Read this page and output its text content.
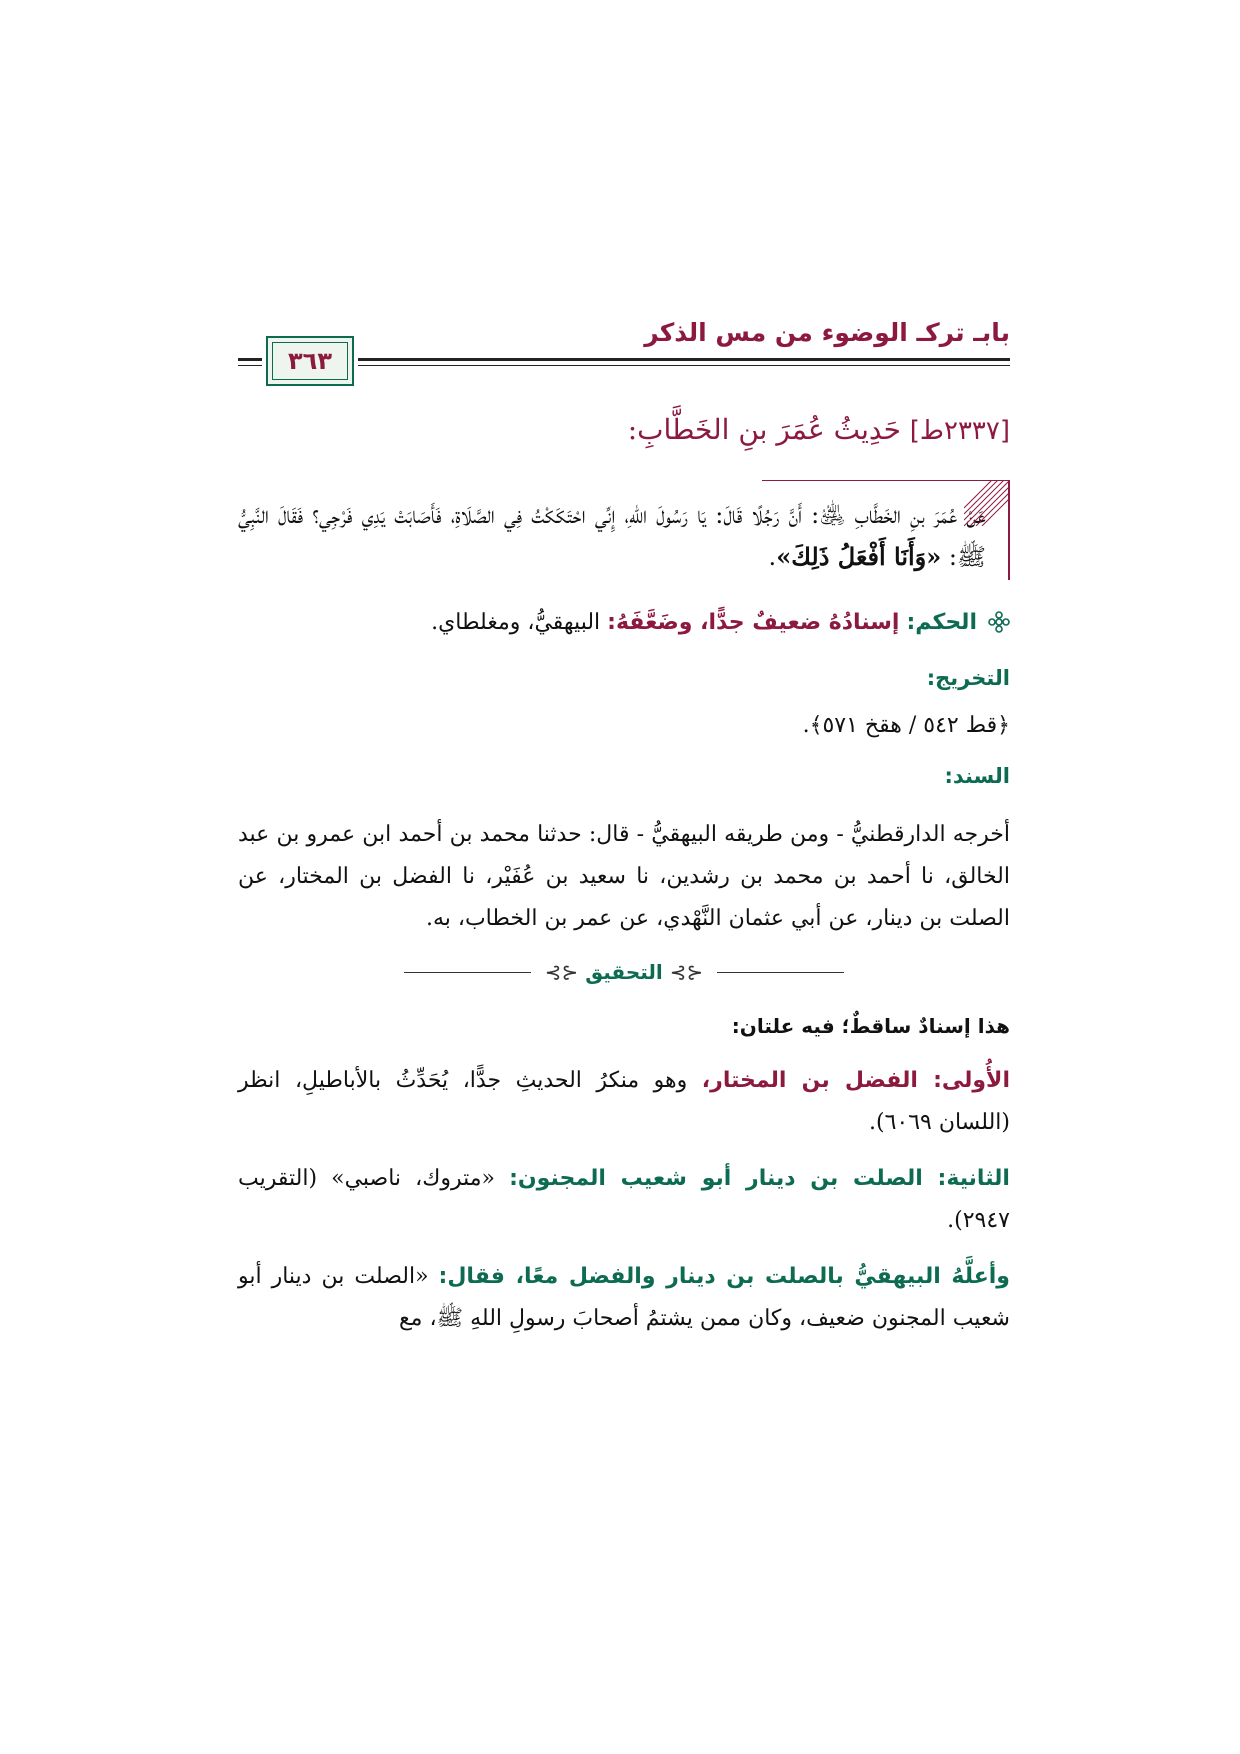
بابـ تركـ الوضوء من مس الذكر
٣٦٣
[٢٣٣٧ط] حَدِيثُ عُمَرَ بنِ الخَطَّابِ:

عَنْ عُمَرَ بنِ الخَطَّابِ ﵁: أَنَّ رَجُلًا قَالَ: يَا رَسُولَ اللهِ، إِنِّي احْتَكَكْتُ فِي الصَّلَاةِ، فَأَصَابَتْ يَدِي فَرْجِي؟ فَقَالَ النَّبِيُّ ﷺ: «وَأَنَا أَفْعَلُ ذَلِكَ».

الحكم: إسنادُهُ ضعيفٌ جدًّا، وضَعَّفَهُ: البيهقيُّ، ومغلطاي.

التخريج:
﴿قط ٥٤٢ / هقخ ٥٧١﴾.
السند:

أخرجه الدارقطنيُّ - ومن طريقه البيهقيُّ - قال: حدثنا محمد بن أحمد ابن عمرو بن عبد الخالق، نا أحمد بن محمد بن رشدين، نا سعيد بن عُفَيْر، نا الفضل بن المختار، عن الصلت بن دينار، عن أبي عثمان النَّهْدي، عن عمر بن الخطاب، به.

⊰⊱ التحقيق ⊰⊱
هذا إسنادٌ ساقطٌ؛ فيه علتان:

الأُولى: الفضل بن المختار، وهو منكرُ الحديثِ جدًّا، يُحَدِّثُ بالأباطيلِ، انظر (اللسان ٦٠٦٩).

الثانية: الصلت بن دينار أبو شعيب المجنون: «متروك، ناصبي» (التقريب ٢٩٤٧).

وأعلَّهُ البيهقيُّ بالصلت بن دينار والفضل معًا، فقال: «الصلت بن دينار أبو شعيب المجنون ضعيف، وكان ممن يشتمُ أصحابَ رسولِ اللهِ ﷺ، مع
